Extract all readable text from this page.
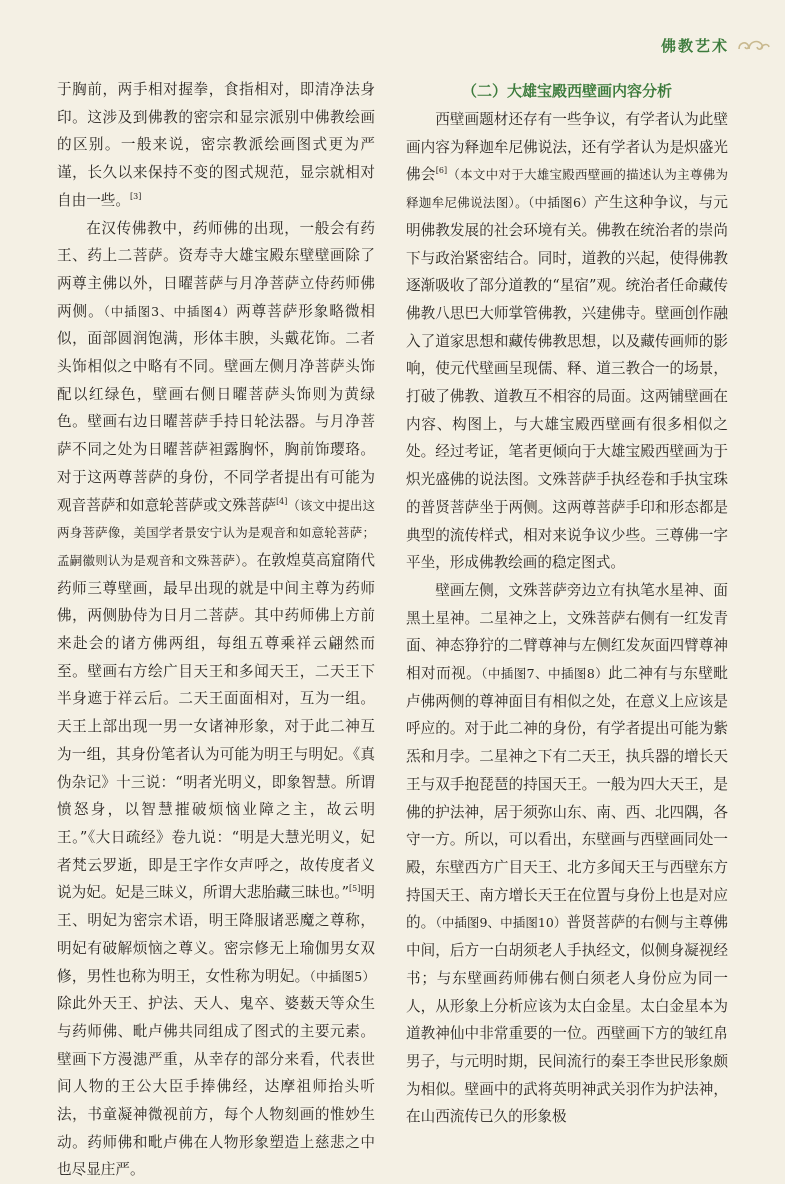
佛教艺术

于胸前，两手相对握拳，食指相对，即清净法身印。这涉及到佛教的密宗和显宗派别中佛教绘画的区别。一般来说，密宗教派绘画图式更为严谨，长久以来保持不变的图式规范，显宗就相对自由一些。[3]

在汉传佛教中，药师佛的出现，一般会有药王、药上二菩萨。资寿寺大雄宝殿东壁壁画除了两尊主佛以外，日曜菩萨与月净菩萨立侍药师佛两侧。（中插图3、中插图4）两尊菩萨形象略微相似，面部圆润饱满，形体丰腴，头戴花饰。二者头饰相似之中略有不同。壁画左侧月净菩萨头饰配以红绿色，壁画右侧日曜菩萨头饰则为黄绿色。壁画右边日曜菩萨手持日轮法器。与月净菩萨不同之处为日曜菩萨袒露胸怀，胸前饰璎珞。对于这两尊菩萨的身份，不同学者提出有可能为观音菩萨和如意轮菩萨或文殊菩萨[4]（该文中提出这两身菩萨像，美国学者景安宁认为是观音和如意轮菩萨；孟嗣徽则认为是观音和文殊菩萨）。在敦煌莫高窟隋代药师三尊壁画，最早出现的就是中间主尊为药师佛，两侧胁侍为日月二菩萨。其中药师佛上方前来赴会的诸方佛两组，每组五尊乘祥云翩然而至。壁画右方绘广目天王和多闻天王，二天王下半身遮于祥云后。二天王面面相对，互为一组。天王上部出现一男一女诸神形象，对于此二神互为一组，其身份笔者认为可能为明王与明妃。《真伪杂记》十三说：“明者光明义，即象智慧。所谓愤怒身，以智慧摧破烦恼业障之主，故云明王。”《大日疏经》卷九说：“明是大慧光明义，妃者梵云罗逝，即是王字作女声呼之，故传度者义说为妃。妃是三昧义，所谓大悲胎藏三昧也。”[5]明王、明妃为密宗术语，明王降服诸恶魔之尊称，明妃有破解烦恼之尊义。密宗修无上瑜伽男女双修，男性也称为明王，女性称为明妃。（中插图5）除此外天王、护法、天人、鬼卒、婆薮天等众生与药师佛、毗卢佛共同组成了图式的主要元素。壁画下方漫漶严重，从幸存的部分来看，代表世间人物的王公大臣手捧佛经，达摩祖师抬头听法，书童凝神微视前方，每个人物刻画的惟妙生动。药师佛和毗卢佛在人物形象塑造上慈悲之中也尽显庄严。

（二）大雄宝殿西壁画内容分析

西壁画题材还存有一些争议，有学者认为此壁画内容为释迦牟尼佛说法，还有学者认为是炽盛光佛会[6]（本文中对于大雄宝殿西壁画的描述认为主尊佛为释迦牟尼佛说法图）。（中插图6）产生这种争议，与元明佛教发展的社会环境有关。佛教在统治者的崇尚下与政治紧密结合。同时，道教的兴起，使得佛教逐渐吸收了部分道教的“星宿”观。统治者任命藏传佛教八思巴大师掌管佛教，兴建佛寺。壁画创作融入了道家思想和藏传佛教思想，以及藏传画师的影响，使元代壁画呈现儒、释、道三教合一的场景，打破了佛教、道教互不相容的局面。这两铺壁画在内容、构图上，与大雄宝殿西壁画有很多相似之处。经过考证，笔者更倾向于大雄宝殿西壁画为于炽光盛佛的说法图。文殊菩萨手执经卷和手执宝珠的普贤菩萨坐于两侧。这两尊菩萨手印和形态都是典型的流传样式，相对来说争议少些。三尊佛一字平坐，形成佛教绘画的稳定图式。

壁画左侧，文殊菩萨旁边立有执笔水星神、面黑土星神。二星神之上，文殊菩萨右侧有一红发青面、神态狰狞的二臂尊神与左侧红发灰面四臂尊神相对而视。（中插图7、中插图8）此二神有与东壁毗卢佛两侧的尊神面目有相似之处，在意义上应该是呼应的。对于此二神的身份，有学者提出可能为紫炁和月孛。二星神之下有二天王，执兵器的增长天王与双手抱琵琶的持国天王。一般为四大天王，是佛的护法神，居于须弥山东、南、西、北四隅，各守一方。所以，可以看出，东壁画与西壁画同处一殿，东壁西方广目天王、北方多闻天王与西壁东方持国天王、南方增长天王在位置与身份上也是对应的。（中插图9、中插图10）普贤菩萨的右侧与主尊佛中间，后方一白胡须老人手执经文，似侧身凝视经书；与东壁画药师佛右侧白须老人身份应为同一人，从形象上分析应该为太白金星。太白金星本为道教神仙中非常重要的一位。西壁画下方的皱红帛男子，与元明时期，民间流行的秦王李世民形象颇为相似。壁画中的武将英明神武关羽作为护法神，在山西流传已久的形象极
